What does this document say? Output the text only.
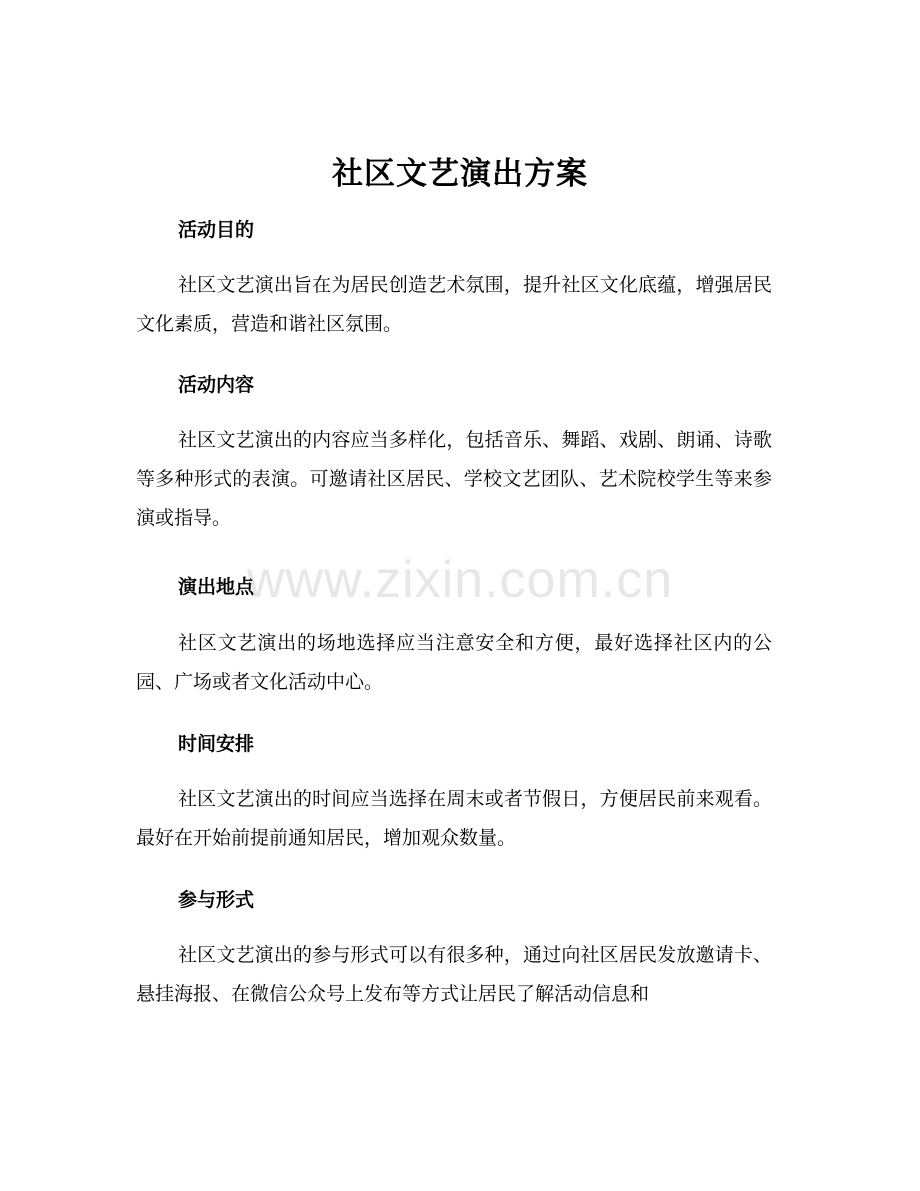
社区文艺演出方案
活动目的

社区文艺演出旨在为居民创造艺术氛围，提升社区文化底蕴，增强居民文化素质，营造和谐社区氛围。

活动内容

社区文艺演出的内容应当多样化，包括音乐、舞蹈、戏剧、朗诵、诗歌等多种形式的表演。可邀请社区居民、学校文艺团队、艺术院校学生等来参演或指导。

演出地点

社区文艺演出的场地选择应当注意安全和方便，最好选择社区内的公园、广场或者文化活动中心。

时间安排

社区文艺演出的时间应当选择在周末或者节假日，方便居民前来观看。最好在开始前提前通知居民，增加观众数量。

参与形式

社区文艺演出的参与形式可以有很多种，通过向社区居民发放邀请卡、悬挂海报、在微信公众号上发布等方式让居民了解活动信息和

www.zixin.com.cn
